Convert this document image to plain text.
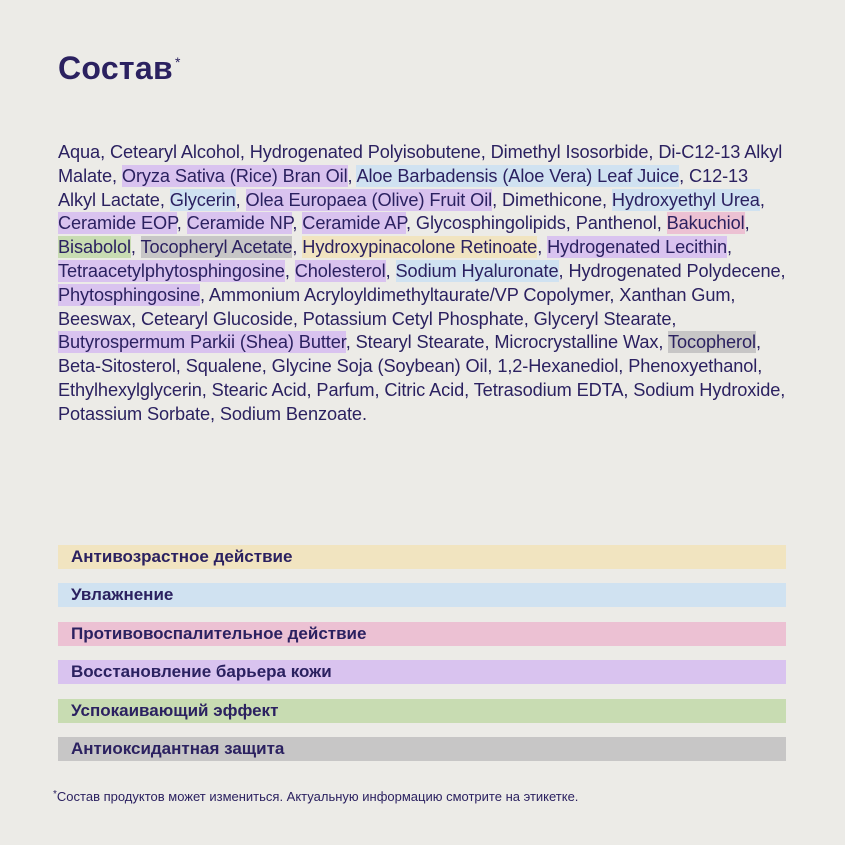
Состав *
Aqua, Cetearyl Alcohol, Hydrogenated Polyisobutene, Dimethyl Isosorbide, Di-C12-13 Alkyl Malate, Oryza Sativa (Rice) Bran Oil, Aloe Barbadensis (Aloe Vera) Leaf Juice, C12-13 Alkyl Lactate, Glycerin, Olea Europaea (Olive) Fruit Oil, Dimethicone, Hydroxyethyl Urea, Ceramide EOP, Ceramide NP, Ceramide AP, Glycosphingolipids, Panthenol, Bakuchiol, Bisabolol, Tocopheryl Acetate, Hydroxypinacolone Retinoate, Hydrogenated Lecithin, Tetraacetylphytosphingosine, Cholesterol, Sodium Hyaluronate, Hydrogenated Polydecene, Phytosphingosine, Ammonium Acryloyldimethyltaurate/VP Copolymer, Xanthan Gum, Beeswax, Cetearyl Glucoside, Potassium Cetyl Phosphate, Glyceryl Stearate, Butyrospermum Parkii (Shea) Butter, Stearyl Stearate, Microcrystalline Wax, Tocopherol, Beta-Sitosterol, Squalene, Glycine Soja (Soybean) Oil, 1,2-Hexanediol, Phenoxyethanol, Ethylhexylglycerin, Stearic Acid, Parfum, Citric Acid, Tetrasodium EDTA, Sodium Hydroxide, Potassium Sorbate, Sodium Benzoate.
Антивозрастное действие
Увлажнение
Противовоспалительное действие
Восстановление барьера кожи
Успокаивающий эффект
Антиоксидантная защита
*Состав продуктов может измениться. Актуальную информацию смотрите на этикетке.
